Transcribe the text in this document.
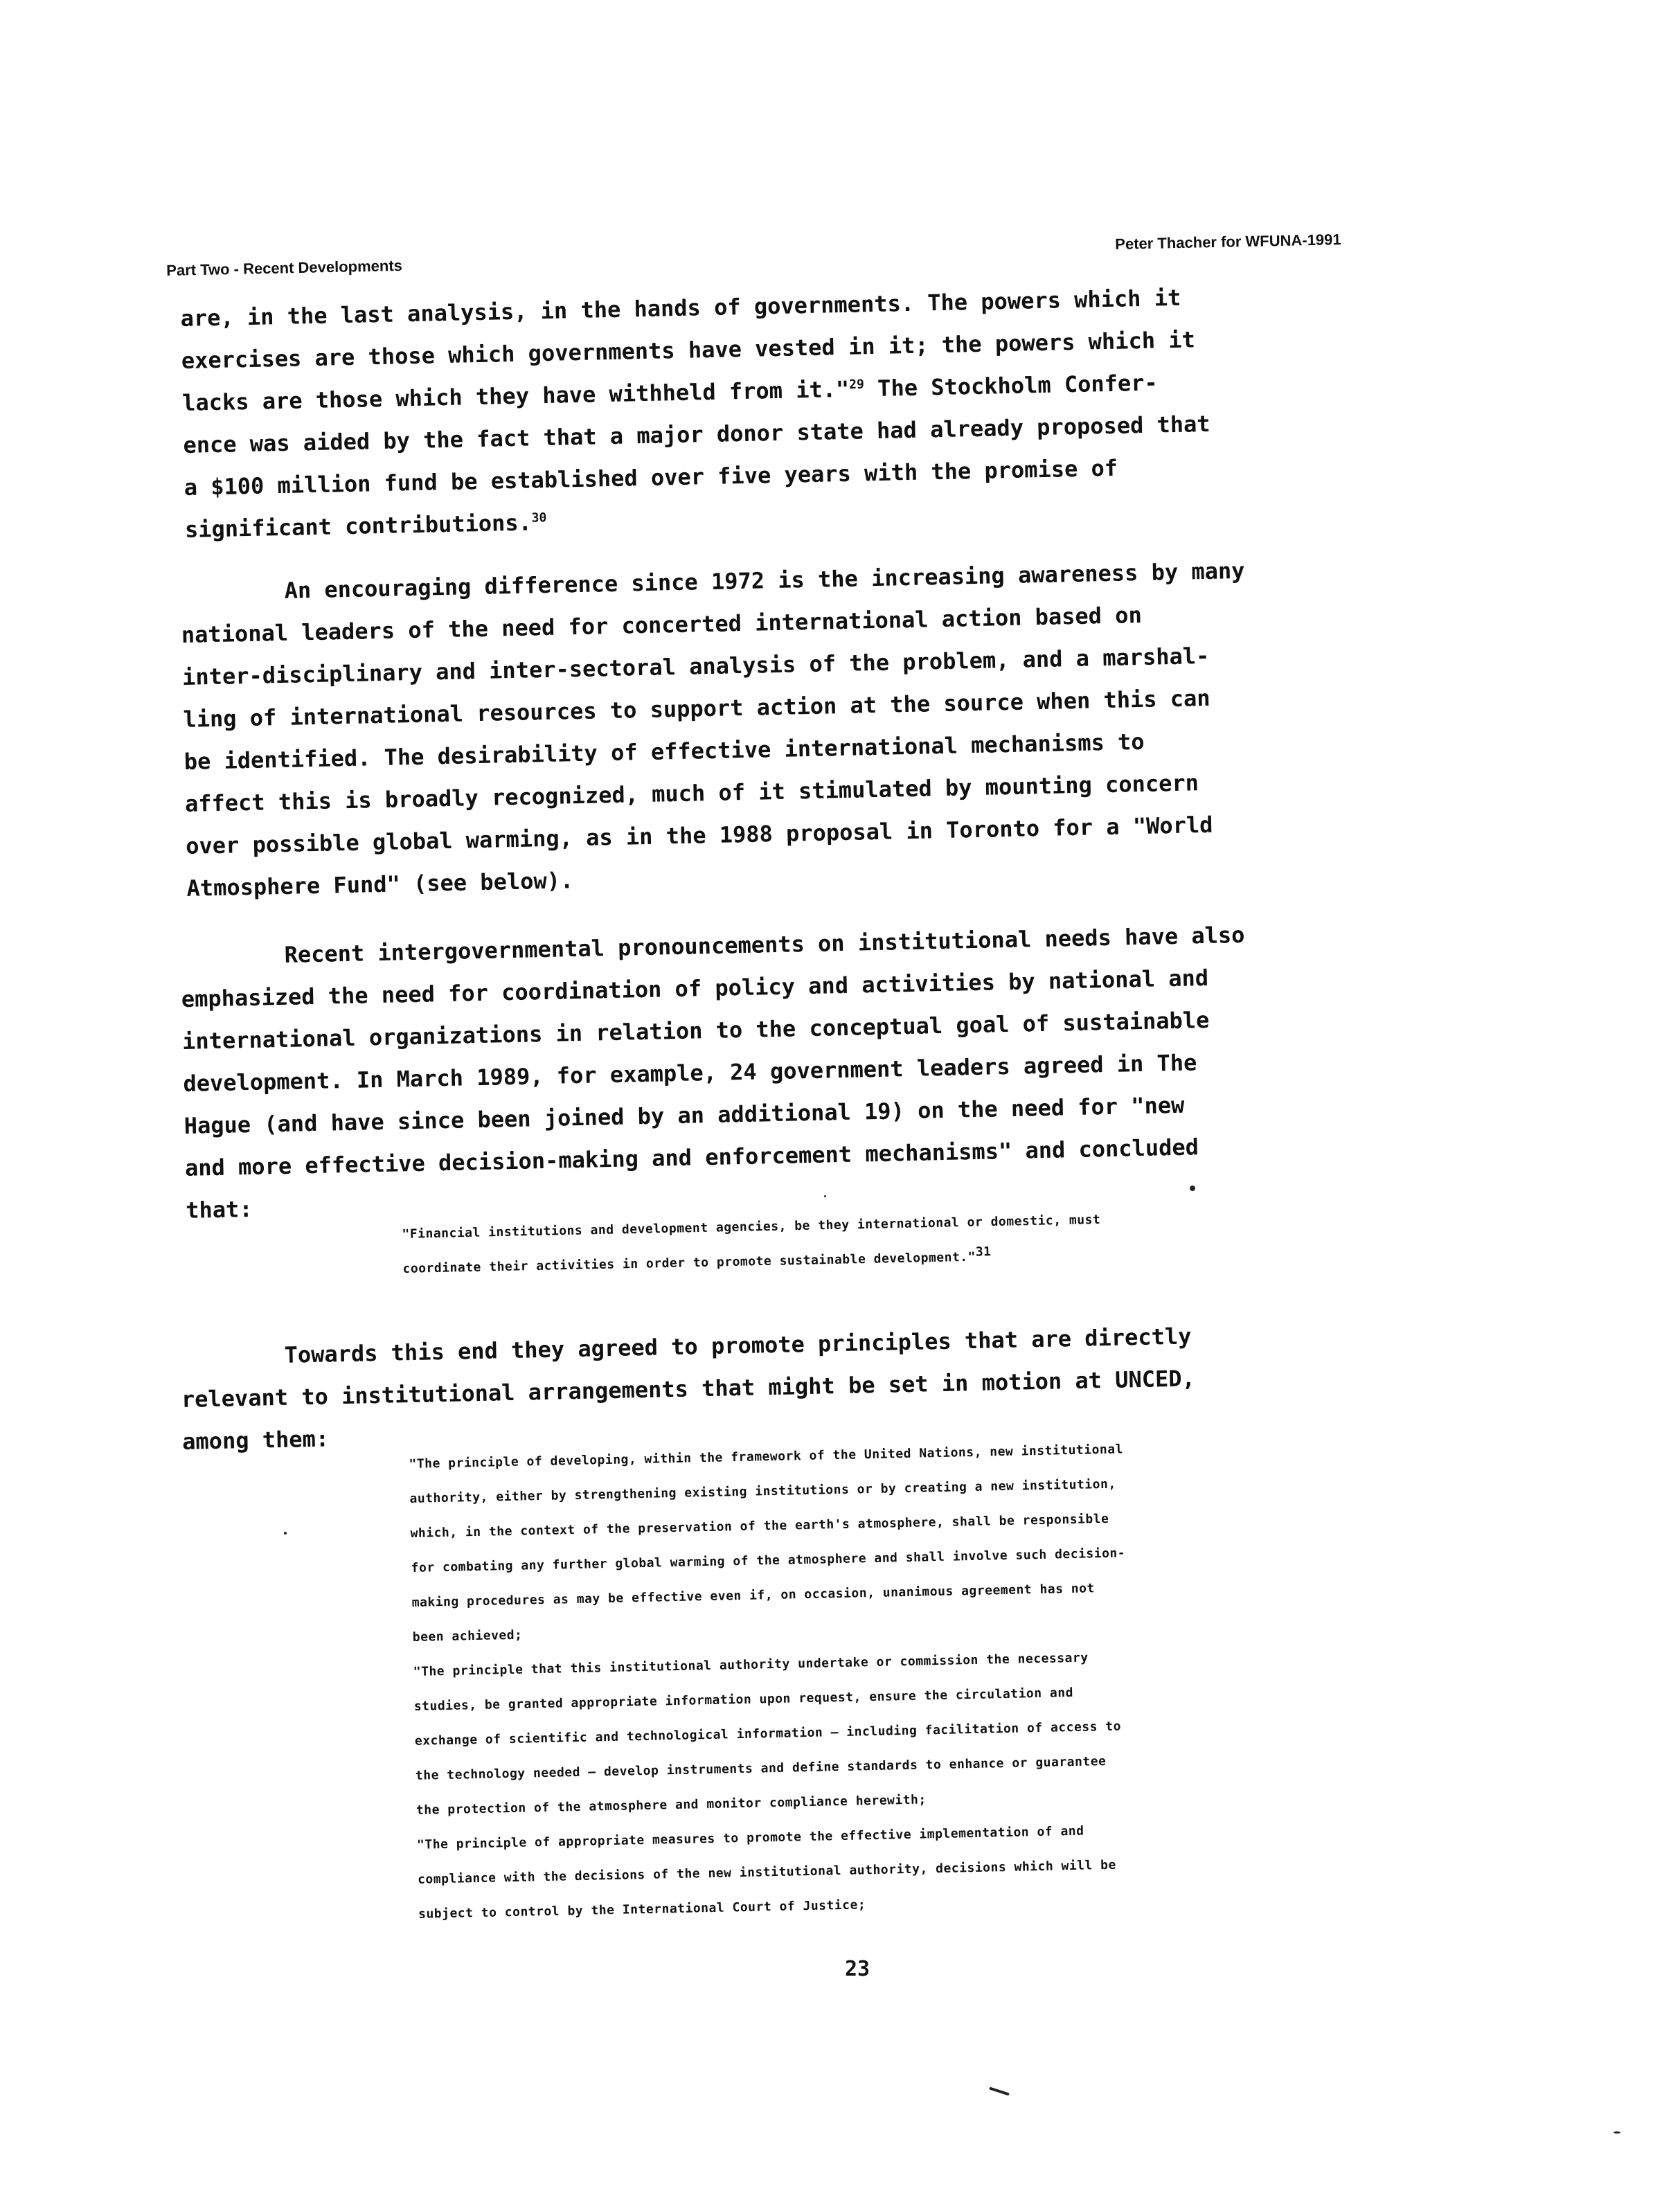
Part Two - Recent Developments
Peter Thacher for WFUNA-1991
are, in the last analysis, in the hands of governments. The powers which it
exercises are those which governments have vested in it; the powers which it
lacks are those which they have withheld from it."$^{29}$ The Stockholm Confer-
ence was aided by the fact that a major donor state had already proposed that
a $100 million fund be established over five years with the promise of
significant contributions.$^{30}$
An encouraging difference since 1972 is the increasing awareness by many
national leaders of the need for concerted international action based on
inter-disciplinary and inter-sectoral analysis of the problem, and a marshal-
ling of international resources to support action at the source when this can
be identified. The desirability of effective international mechanisms to
affect this is broadly recognized, much of it stimulated by mounting concern
over possible global warming, as in the 1988 proposal in Toronto for a "World
Atmosphere Fund" (see below).
Recent intergovernmental pronouncements on institutional needs have also
emphasized the need for coordination of policy and activities by national and
international organizations in relation to the conceptual goal of sustainable
development. In March 1989, for example, 24 government leaders agreed in The
Hague (and have since been joined by an additional 19) on the need for "new
and more effective decision-making and enforcement mechanisms" and concluded
that:
"Financial institutions and development agencies, be they international or domestic, must
coordinate their activities in order to promote sustainable development."$^{31}$
Towards this end they agreed to promote principles that are directly
relevant to institutional arrangements that might be set in motion at UNCED,
among them:
"The principle of developing, within the framework of the United Nations, new institutional
authority, either by strengthening existing institutions or by creating a new institution,
which, in the context of the preservation of the earth's atmosphere, shall be responsible
for combating any further global warming of the atmosphere and shall involve such decision-
making procedures as may be effective even if, on occasion, unanimous agreement has not
been achieved;
"The principle that this institutional authority undertake or commission the necessary
studies, be granted appropriate information upon request, ensure the circulation and
exchange of scientific and technological information — including facilitation of access to
the technology needed — develop instruments and define standards to enhance or guarantee
the protection of the atmosphere and monitor compliance herewith;
"The principle of appropriate measures to promote the effective implementation of and
compliance with the decisions of the new institutional authority, decisions which will be
subject to control by the International Court of Justice;
23
